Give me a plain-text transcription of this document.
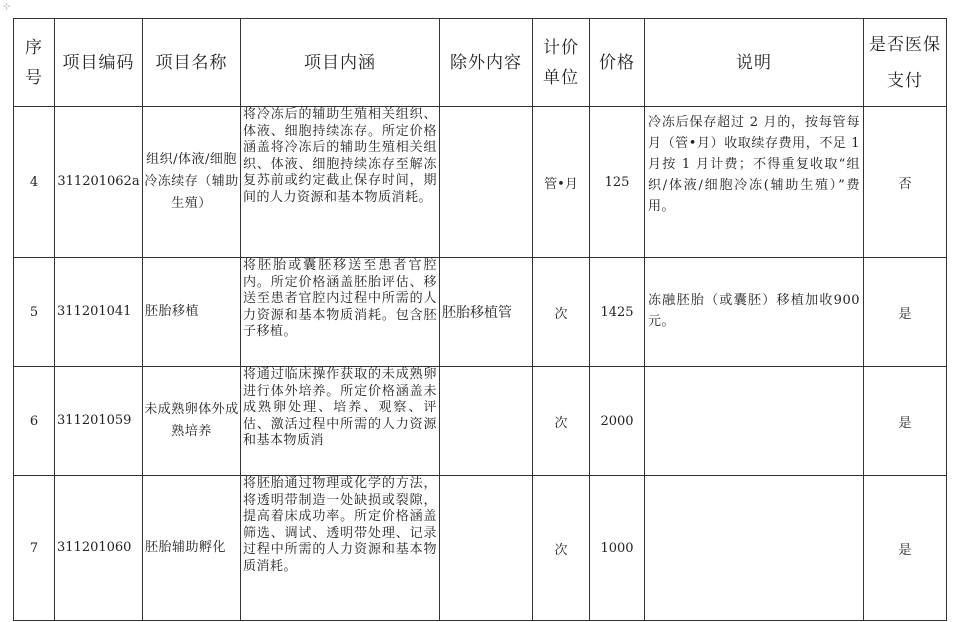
⊹
序号	项目编码	项目名称	项目内涵	除外内容	计价单位	价格	说明	是否医保支付
4	311201062a	组织/体液/细胞冷冻续存（辅助生殖）	将冷冻后的辅助生殖相关组织、体液、细胞持续冻存。所定价格涵盖将冷冻后的辅助生殖相关组织、体液、细胞持续冻存至解冻复苏前或约定截止保存时间，期间的人力资源和基本物质消耗。		管•月	125	冷冻后保存超过 2 月的，按每管每月（管•月）收取续存费用，不足 1 月按 1 月计费；不得重复收取“组织/体液/细胞冷冻(辅助生殖）”费用。	否
5	311201041	胚胎移植	将胚胎或囊胚移送至患者官腔内。所定价格涵盖胚胎评估、移送至患者官腔内过程中所需的人力资源和基本物质消耗。包含胚子移植。	胚胎移植管	次	1425	冻融胚胎（或囊胚）移植加收900 元。	是
6	311201059	未成熟卵体外成熟培养	将通过临床操作获取的未成熟卵进行体外培养。所定价格涵盖未成熟卵处理、培养、观察、评估、激活过程中所需的人力资源和基本物质消		次	2000		是
7	311201060	胚胎辅助孵化	将胚胎通过物理或化学的方法，将透明带制造一处缺损或裂隙，提高着床成功率。所定价格涵盖筛选、调试、透明带处理、记录过程中所需的人力资源和基本物质消耗。		次	1000		是
